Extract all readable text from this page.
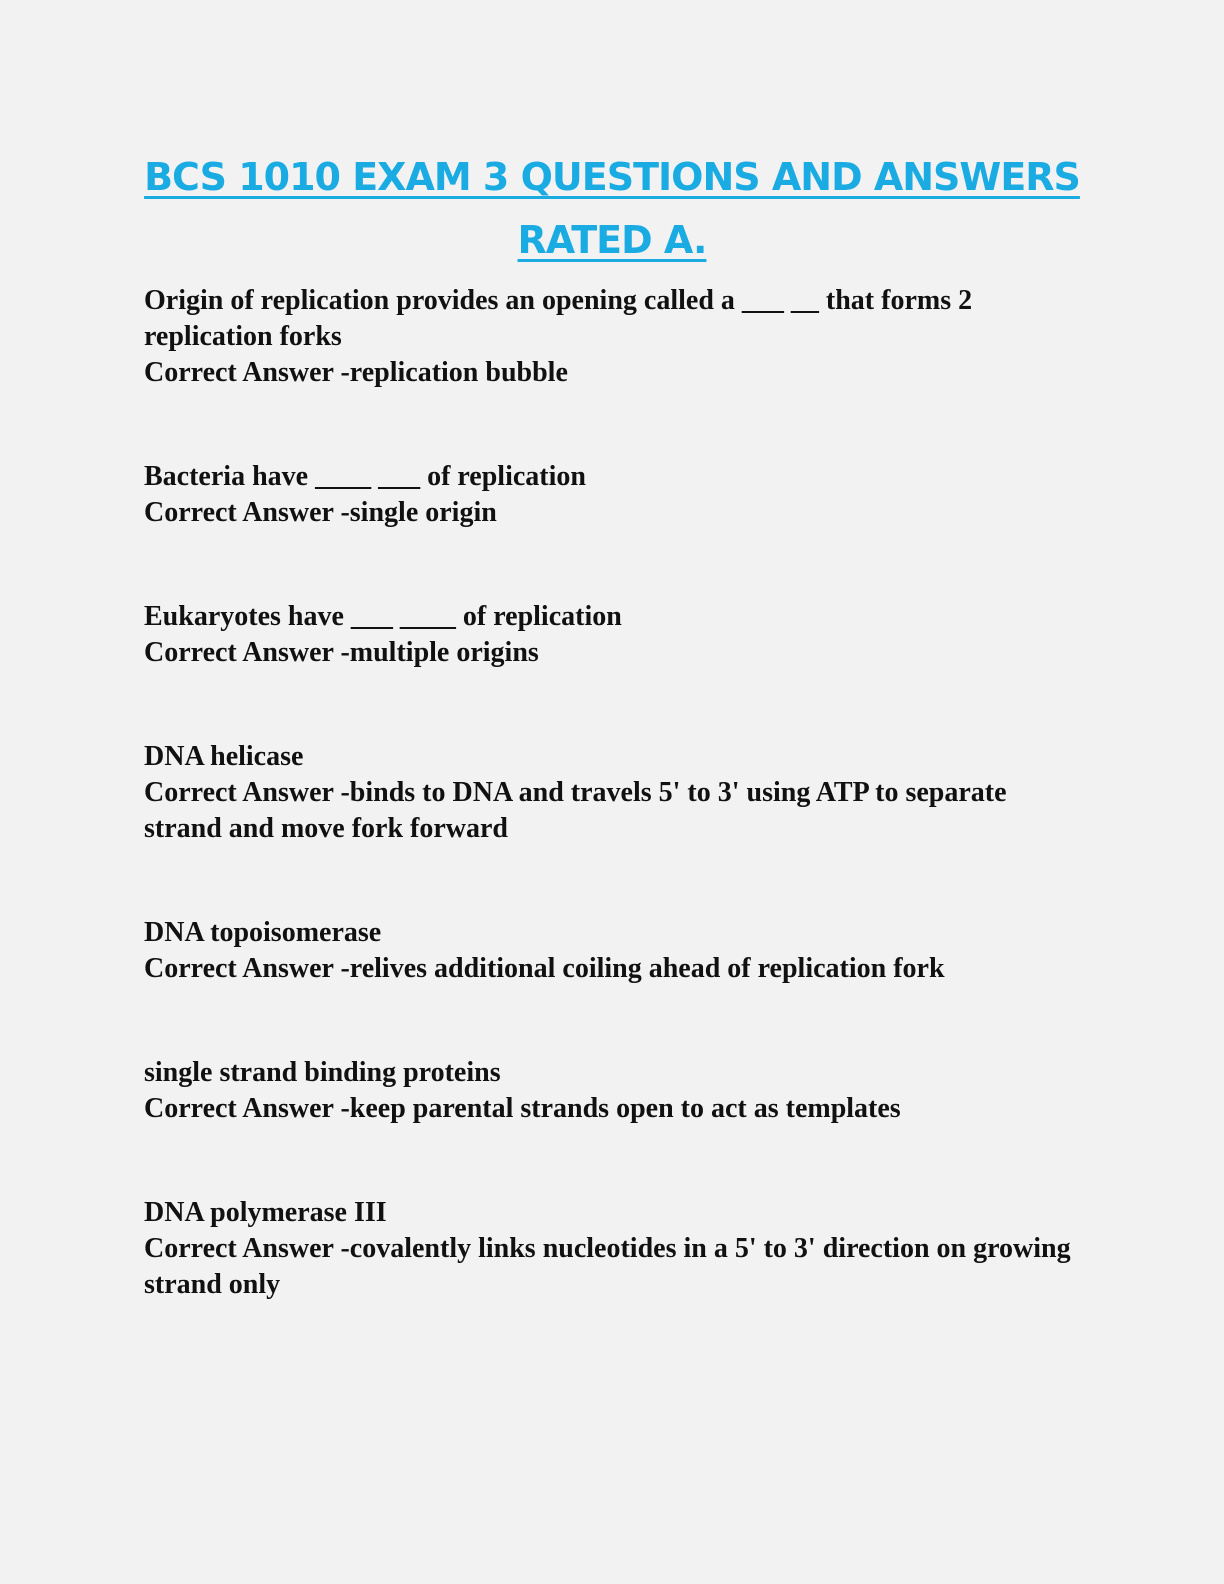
BCS 1010 EXAM 3 QUESTIONS AND ANSWERS
RATED A.
Origin of replication provides an opening called a ___ __ that forms 2 replication forks
Correct Answer -replication bubble
Bacteria have ____ ___ of replication
Correct Answer -single origin
Eukaryotes have ___ ____ of replication
Correct Answer -multiple origins
DNA helicase
Correct Answer -binds to DNA and travels 5' to 3' using ATP to separate strand and move fork forward
DNA topoisomerase
Correct Answer -relives additional coiling ahead of replication fork
single strand binding proteins
Correct Answer -keep parental strands open to act as templates
DNA polymerase III
Correct Answer -covalently links nucleotides in a 5' to 3' direction on growing strand only
